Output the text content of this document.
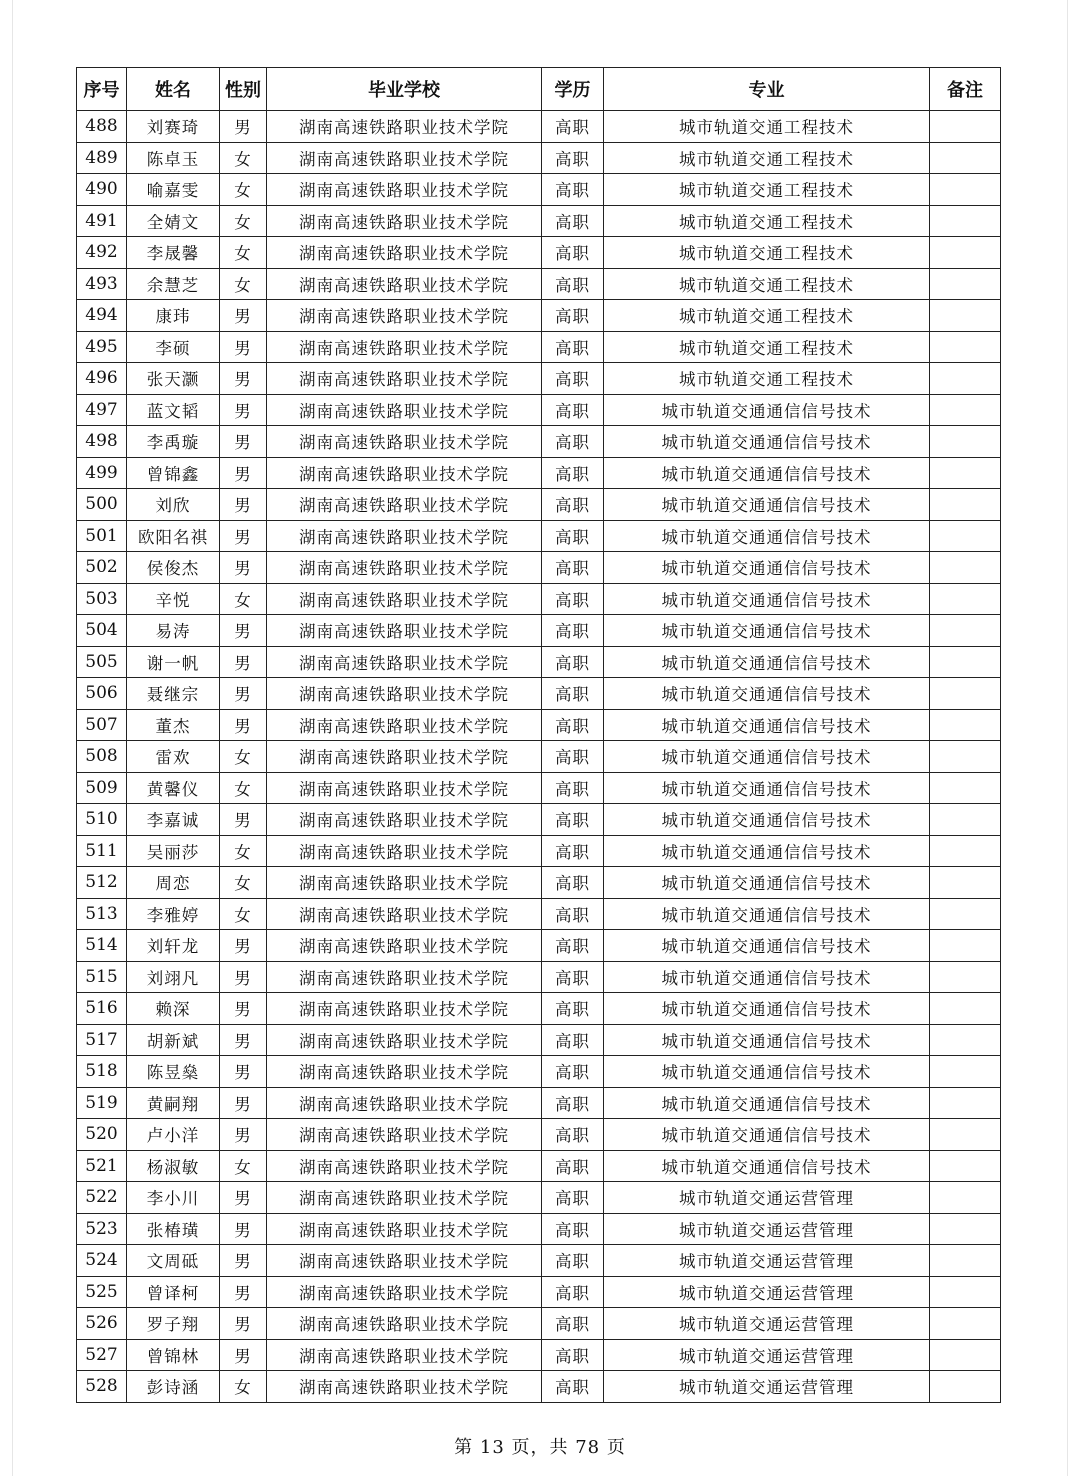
序号	姓名	性别	毕业学校	学历	专业	备注
488	刘赛琦	男	湖南高速铁路职业技术学院	高职	城市轨道交通工程技术	
489	陈卓玉	女	湖南高速铁路职业技术学院	高职	城市轨道交通工程技术	
490	喻嘉雯	女	湖南高速铁路职业技术学院	高职	城市轨道交通工程技术	
491	全婧文	女	湖南高速铁路职业技术学院	高职	城市轨道交通工程技术	
492	李晟馨	女	湖南高速铁路职业技术学院	高职	城市轨道交通工程技术	
493	余慧芝	女	湖南高速铁路职业技术学院	高职	城市轨道交通工程技术	
494	康玮	男	湖南高速铁路职业技术学院	高职	城市轨道交通工程技术	
495	李硕	男	湖南高速铁路职业技术学院	高职	城市轨道交通工程技术	
496	张天灏	男	湖南高速铁路职业技术学院	高职	城市轨道交通工程技术	
497	蓝文韬	男	湖南高速铁路职业技术学院	高职	城市轨道交通通信信号技术	
498	李禹璇	男	湖南高速铁路职业技术学院	高职	城市轨道交通通信信号技术	
499	曾锦鑫	男	湖南高速铁路职业技术学院	高职	城市轨道交通通信信号技术	
500	刘欣	男	湖南高速铁路职业技术学院	高职	城市轨道交通通信信号技术	
501	欧阳名祺	男	湖南高速铁路职业技术学院	高职	城市轨道交通通信信号技术	
502	侯俊杰	男	湖南高速铁路职业技术学院	高职	城市轨道交通通信信号技术	
503	辛悦	女	湖南高速铁路职业技术学院	高职	城市轨道交通通信信号技术	
504	易涛	男	湖南高速铁路职业技术学院	高职	城市轨道交通通信信号技术	
505	谢一帆	男	湖南高速铁路职业技术学院	高职	城市轨道交通通信信号技术	
506	聂继宗	男	湖南高速铁路职业技术学院	高职	城市轨道交通通信信号技术	
507	董杰	男	湖南高速铁路职业技术学院	高职	城市轨道交通通信信号技术	
508	雷欢	女	湖南高速铁路职业技术学院	高职	城市轨道交通通信信号技术	
509	黄馨仪	女	湖南高速铁路职业技术学院	高职	城市轨道交通通信信号技术	
510	李嘉诚	男	湖南高速铁路职业技术学院	高职	城市轨道交通通信信号技术	
511	吴丽莎	女	湖南高速铁路职业技术学院	高职	城市轨道交通通信信号技术	
512	周恋	女	湖南高速铁路职业技术学院	高职	城市轨道交通通信信号技术	
513	李雅婷	女	湖南高速铁路职业技术学院	高职	城市轨道交通通信信号技术	
514	刘轩龙	男	湖南高速铁路职业技术学院	高职	城市轨道交通通信信号技术	
515	刘翊凡	男	湖南高速铁路职业技术学院	高职	城市轨道交通通信信号技术	
516	赖深	男	湖南高速铁路职业技术学院	高职	城市轨道交通通信信号技术	
517	胡新斌	男	湖南高速铁路职业技术学院	高职	城市轨道交通通信信号技术	
518	陈昱燊	男	湖南高速铁路职业技术学院	高职	城市轨道交通通信信号技术	
519	黄嗣翔	男	湖南高速铁路职业技术学院	高职	城市轨道交通通信信号技术	
520	卢小洋	男	湖南高速铁路职业技术学院	高职	城市轨道交通通信信号技术	
521	杨淑敏	女	湖南高速铁路职业技术学院	高职	城市轨道交通通信信号技术	
522	李小川	男	湖南高速铁路职业技术学院	高职	城市轨道交通运营管理	
523	张椿璜	男	湖南高速铁路职业技术学院	高职	城市轨道交通运营管理	
524	文周砥	男	湖南高速铁路职业技术学院	高职	城市轨道交通运营管理	
525	曾译柯	男	湖南高速铁路职业技术学院	高职	城市轨道交通运营管理	
526	罗子翔	男	湖南高速铁路职业技术学院	高职	城市轨道交通运营管理	
527	曾锦林	男	湖南高速铁路职业技术学院	高职	城市轨道交通运营管理	
528	彭诗涵	女	湖南高速铁路职业技术学院	高职	城市轨道交通运营管理	
第 13 页，共 78 页
